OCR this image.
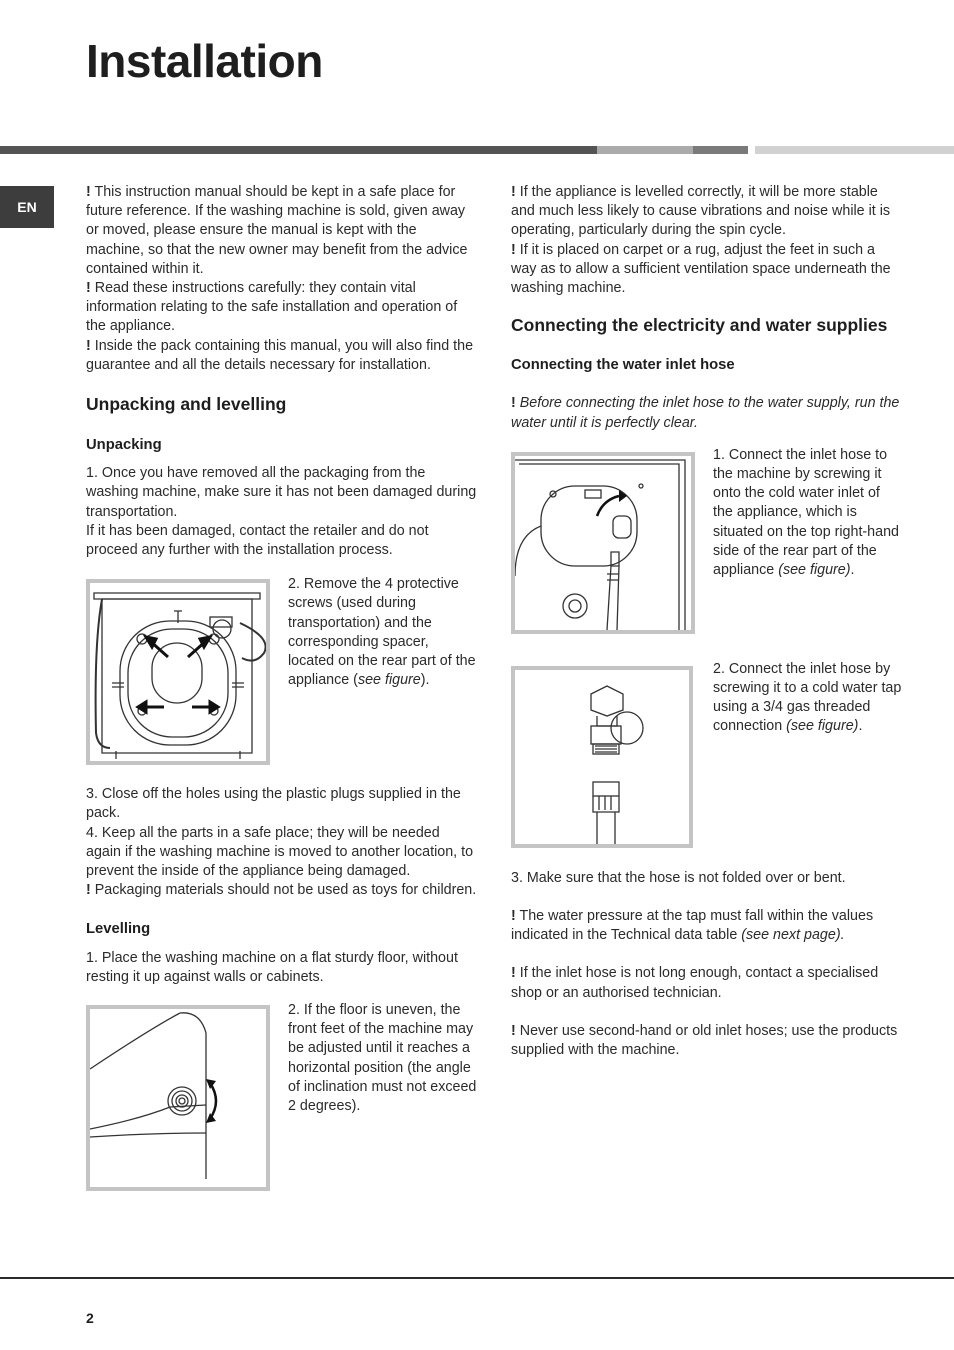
Installation
EN

! This instruction manual should be kept in a safe place for future reference. If the washing machine is sold, given away or moved, please ensure the manual is kept with the machine, so that the new owner may benefit from the advice contained within it.

! Read these instructions carefully: they contain vital information relating to the safe installation and operation of the appliance.

! Inside the pack containing this manual, you will also find the guarantee and all the details necessary for installation.

Unpacking and levelling

Unpacking

1. Once you have removed all the packaging from the washing machine, make sure it has not been damaged during transportation.

If it has been damaged, contact the retailer and do not proceed any further with the installation process.

2. Remove the 4 protective screws (used during transportation) and the corresponding spacer, located on the rear part of the appliance (see figure).

3. Close off the holes using the plastic plugs supplied in the pack.

4. Keep all the parts in a safe place; they will be needed again if the washing machine is moved to another location, to prevent the inside of the appliance being damaged.

! Packaging materials should not be used as toys for children.

Levelling

1. Place the washing machine on a flat sturdy floor, without resting it up against walls or cabinets.

2. If the floor is uneven, the front feet of the machine may be adjusted until it reaches a horizontal position (the angle of inclination must not exceed 2 degrees).

! If the appliance is levelled correctly, it will be more stable and much less likely to cause vibrations and noise while it is operating, particularly during the spin cycle.

! If it is placed on carpet or a rug, adjust the feet in such a way as to allow a sufficient ventilation space underneath the washing machine.

Connecting the electricity and water supplies

Connecting the water inlet hose

! Before connecting the inlet hose to the water supply, run the water until it is perfectly clear.

1. Connect the inlet hose to the machine by screwing it onto the cold water inlet of the appliance, which is situated on the top right-hand side of the rear part of the appliance (see figure).

2. Connect the inlet hose by screwing it to a cold water tap using a 3/4 gas threaded connection (see figure).

3. Make sure that the hose is not folded over or bent.

! The water pressure at the tap must fall within the values indicated in the Technical data table (see next page).

! If the inlet hose is not long enough, contact a specialised shop or an authorised technician.

! Never use second-hand or old inlet hoses; use the products supplied with the machine.

2
